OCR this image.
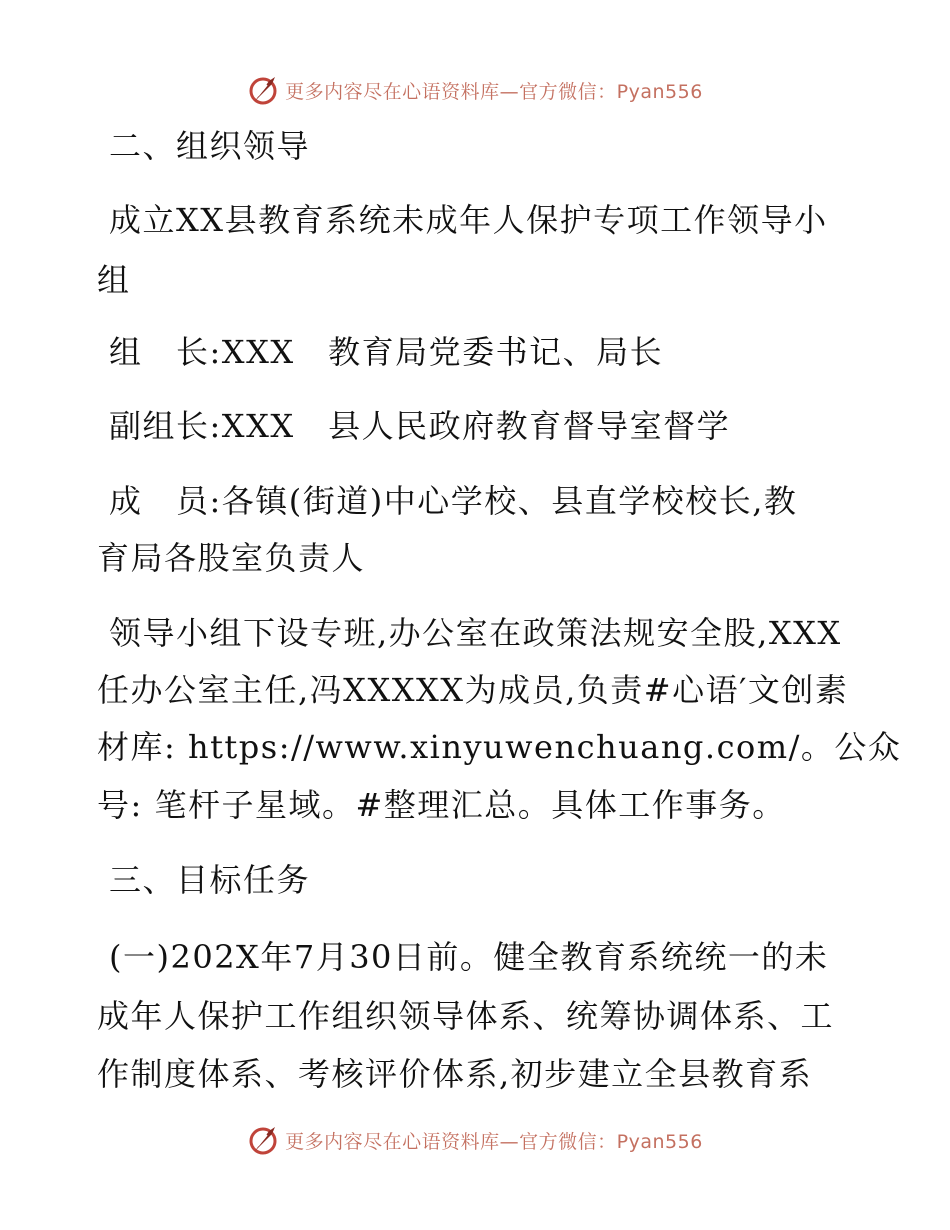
更多内容尽在心语资料库—官方微信：Pyan556
二、组织领导
成立XX县教育系统未成年人保护专项工作领导小
组
组　长:XXX　教育局党委书记、局长
副组长:XXX　县人民政府教育督导室督学
成　员:各镇(街道)中心学校、县直学校校长,教
育局各股室负责人
领导小组下设专班,办公室在政策法规安全股,XXX
任办公室主任,冯XXXXX为成员,负责#心语′文创素
材库: https://www.xinyuwenchuang.com/。公众
号: 笔杆子星域。#整理汇总。具体工作事务。
三、目标任务
(一)202X年7月30日前。健全教育系统统一的未
成年人保护工作组织领导体系、统筹协调体系、工
作制度体系、考核评价体系,初步建立全县教育系
更多内容尽在心语资料库—官方微信：Pyan556
